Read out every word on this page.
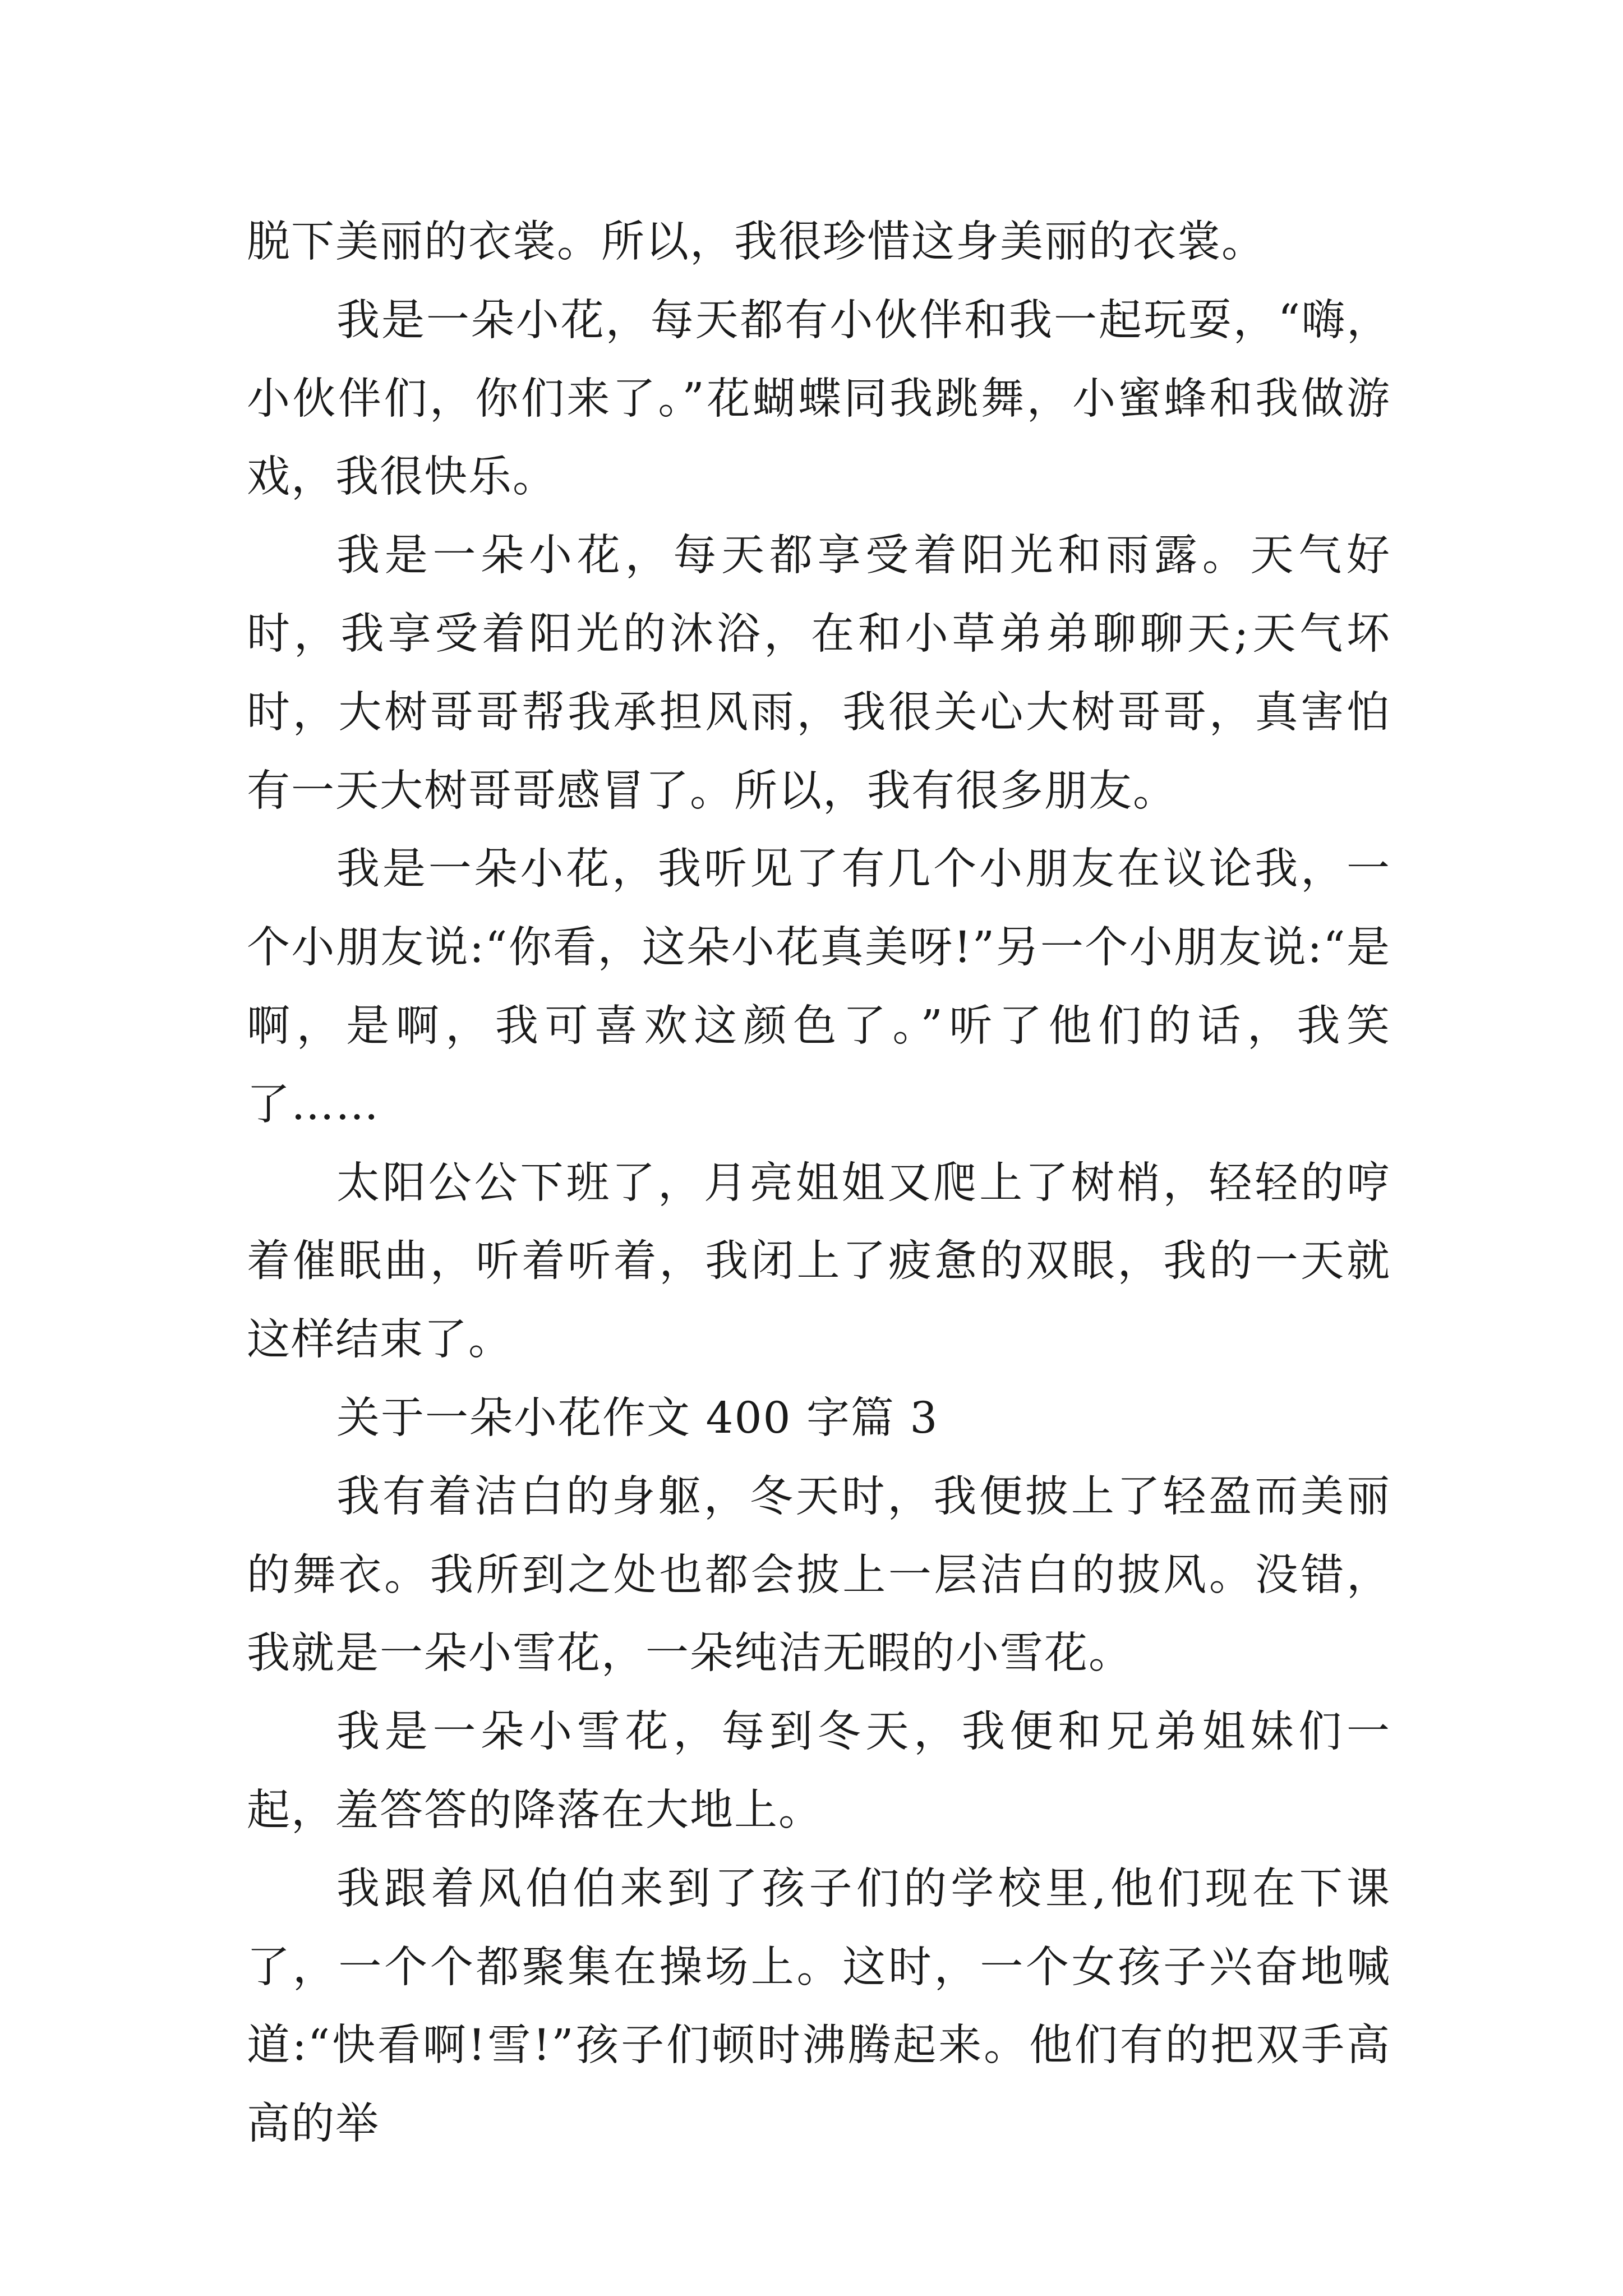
脱下美丽的衣裳。所以，我很珍惜这身美丽的衣裳。

我是一朵小花，每天都有小伙伴和我一起玩耍，“嗨，小伙伴们，你们来了。”花蝴蝶同我跳舞，小蜜蜂和我做游戏，我很快乐。

我是一朵小花，每天都享受着阳光和雨露。天气好时，我享受着阳光的沐浴，在和小草弟弟聊聊天;天气坏时，大树哥哥帮我承担风雨，我很关心大树哥哥，真害怕有一天大树哥哥感冒了。所以，我有很多朋友。

我是一朵小花，我听见了有几个小朋友在议论我，一个小朋友说:“你看，这朵小花真美呀!”另一个小朋友说:“是啊，是啊，我可喜欢这颜色了。”听了他们的话，我笑了……

太阳公公下班了，月亮姐姐又爬上了树梢，轻轻的哼着催眠曲，听着听着，我闭上了疲惫的双眼，我的一天就这样结束了。

关于一朵小花作文 400 字篇 3

我有着洁白的身躯，冬天时，我便披上了轻盈而美丽的舞衣。我所到之处也都会披上一层洁白的披风。没错，我就是一朵小雪花，一朵纯洁无暇的小雪花。

我是一朵小雪花，每到冬天，我便和兄弟姐妹们一起，羞答答的降落在大地上。

我跟着风伯伯来到了孩子们的学校里,他们现在下课了，一个个都聚集在操场上。这时，一个女孩子兴奋地喊道:“快看啊!雪!”孩子们顿时沸腾起来。他们有的把双手高高的举
